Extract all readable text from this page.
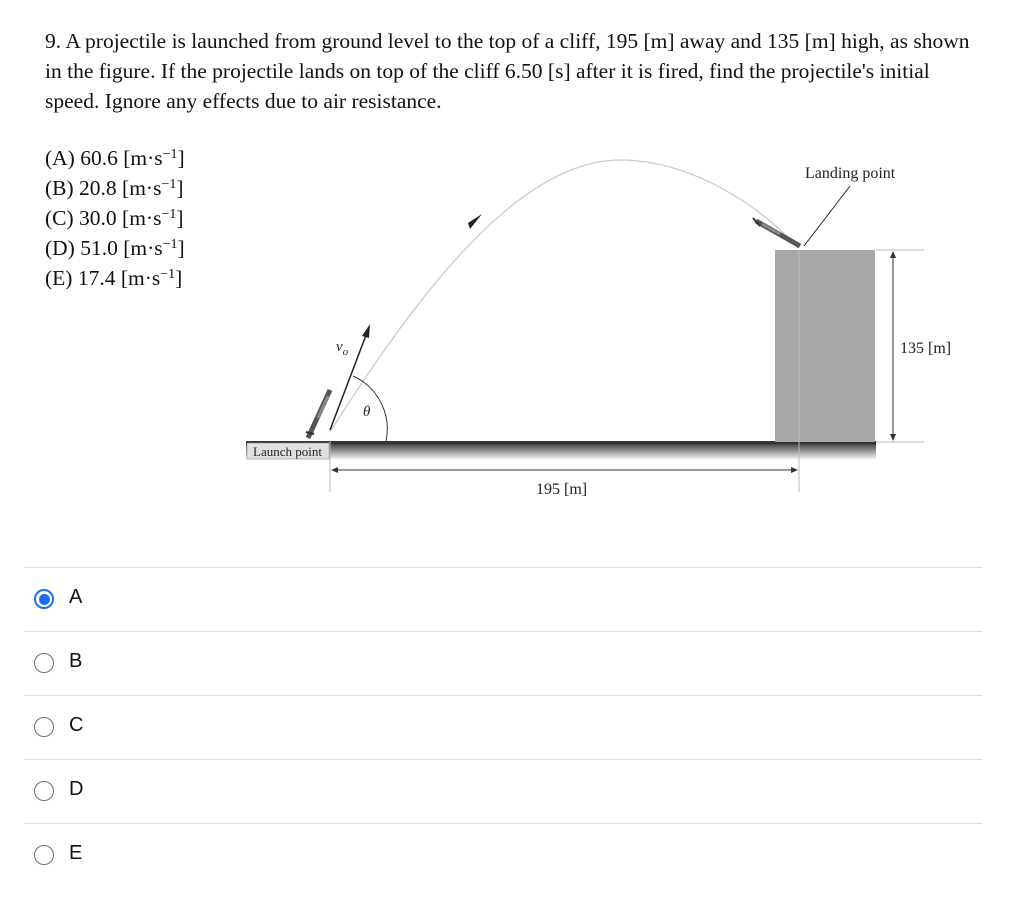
9. A projectile is launched from ground level to the top of a cliff, 195 [m] away and 135 [m] high, as shown in the figure. If the projectile lands on top of the cliff 6.50 [s] after it is fired, find the projectile's initial speed. Ignore any effects due to air resistance.
(A) 60.6 $[m\cdot s^{-1}]$
(B) 20.8 $[m\cdot s^{-1}]$
(C) 30.0 $[m\cdot s^{-1}]$
(D) 51.0 $[m\cdot s^{-1}]$
(E) 17.4 $[m\cdot s^{-1}]$
$v_o$
θ
Launch point
Landing point
135 [m]
195 [m]
A
B
C
D
E
